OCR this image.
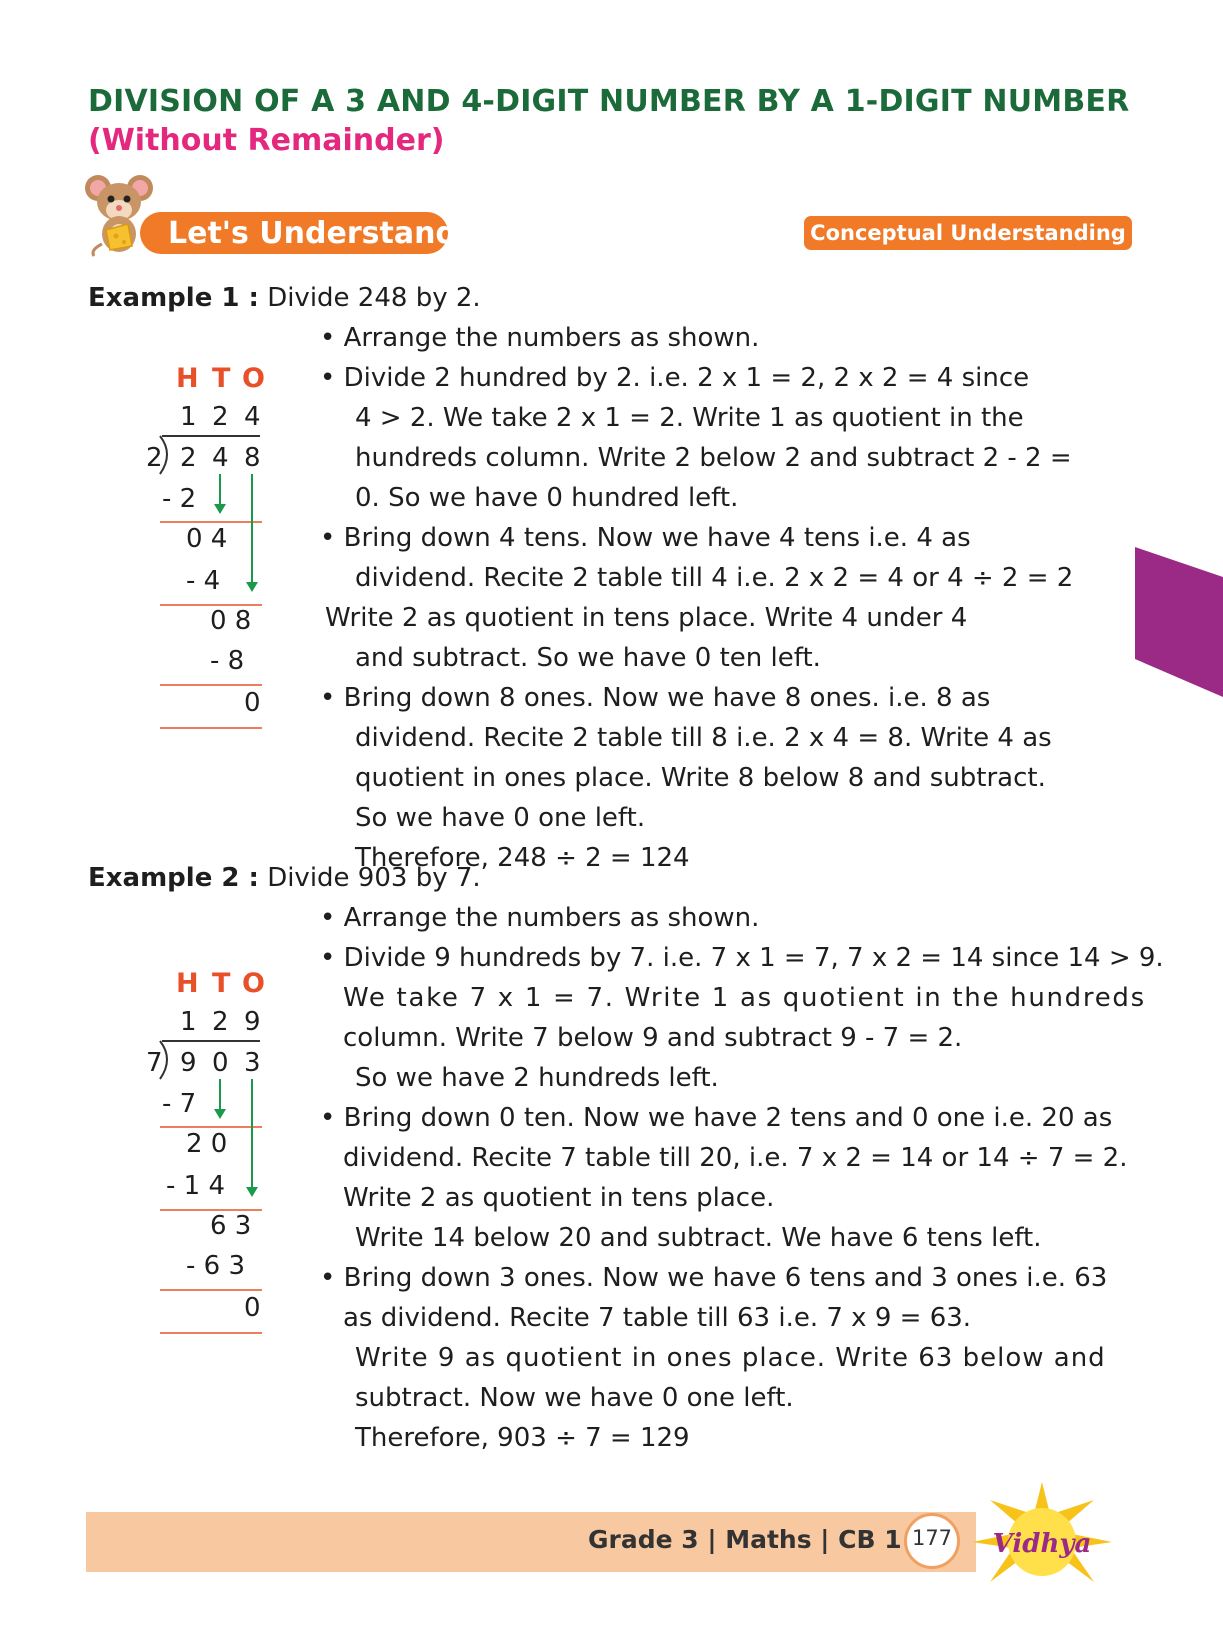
DIVISION OF A 3 AND 4-DIGIT NUMBER BY A 1-DIGIT NUMBER
(Without Remainder)
Let's Understand	Conceptual Understanding
Example 1 : Divide 248 by 2.
• Arrange the numbers as shown.
• Divide 2 hundred by 2. i.e. 2 x 1 = 2, 2 x 2 = 4 since
4 > 2. We take 2 x 1 = 2. Write 1 as quotient in the
hundreds column. Write 2 below 2 and subtract 2 - 2 =
0. So we have 0 hundred left.
• Bring down 4 tens. Now we have 4 tens i.e. 4 as
dividend. Recite 2 table till 4 i.e. 2 x 2 = 4 or 4 ÷ 2 = 2
Write 2 as quotient in tens place. Write 4 under 4
and subtract. So we have 0 ten left.
• Bring down 8 ones. Now we have 8 ones. i.e. 8 as
dividend. Recite 2 table till 8 i.e. 2 x 4 = 8. Write 4 as
quotient in ones place. Write 8 below 8 and subtract.
So we have 0 one left.
Therefore, 248 ÷ 2 = 124
H T O
1 2 4
2 2 4 8
- 2
0 4
- 4
0 8
- 8
0
Example 2 : Divide 903 by 7.
• Arrange the numbers as shown.
• Divide 9 hundreds by 7. i.e. 7 x 1 = 7, 7 x 2 = 14 since 14 > 9.
We take 7 x 1 = 7. Write 1 as quotient in the hundreds
column. Write 7 below 9 and subtract 9 - 7 = 2.
So we have 2 hundreds left.
• Bring down 0 ten. Now we have 2 tens and 0 one i.e. 20 as
dividend. Recite 7 table till 20, i.e. 7 x 2 = 14 or 14 ÷ 7 = 2.
Write 2 as quotient in tens place.
Write 14 below 20 and subtract. We have 6 tens left.
• Bring down 3 ones. Now we have 6 tens and 3 ones i.e. 63
as dividend. Recite 7 table till 63 i.e. 7 x 9 = 63.
Write 9 as quotient in ones place. Write 63 below and
subtract. Now we have 0 one left.
Therefore, 903 ÷ 7 = 129
H T O
1 2 9
7 9 0 3
- 7
2 0
- 1 4
6 3
- 6 3
0
Grade 3 | Maths | CB 1 177	Vidhya
